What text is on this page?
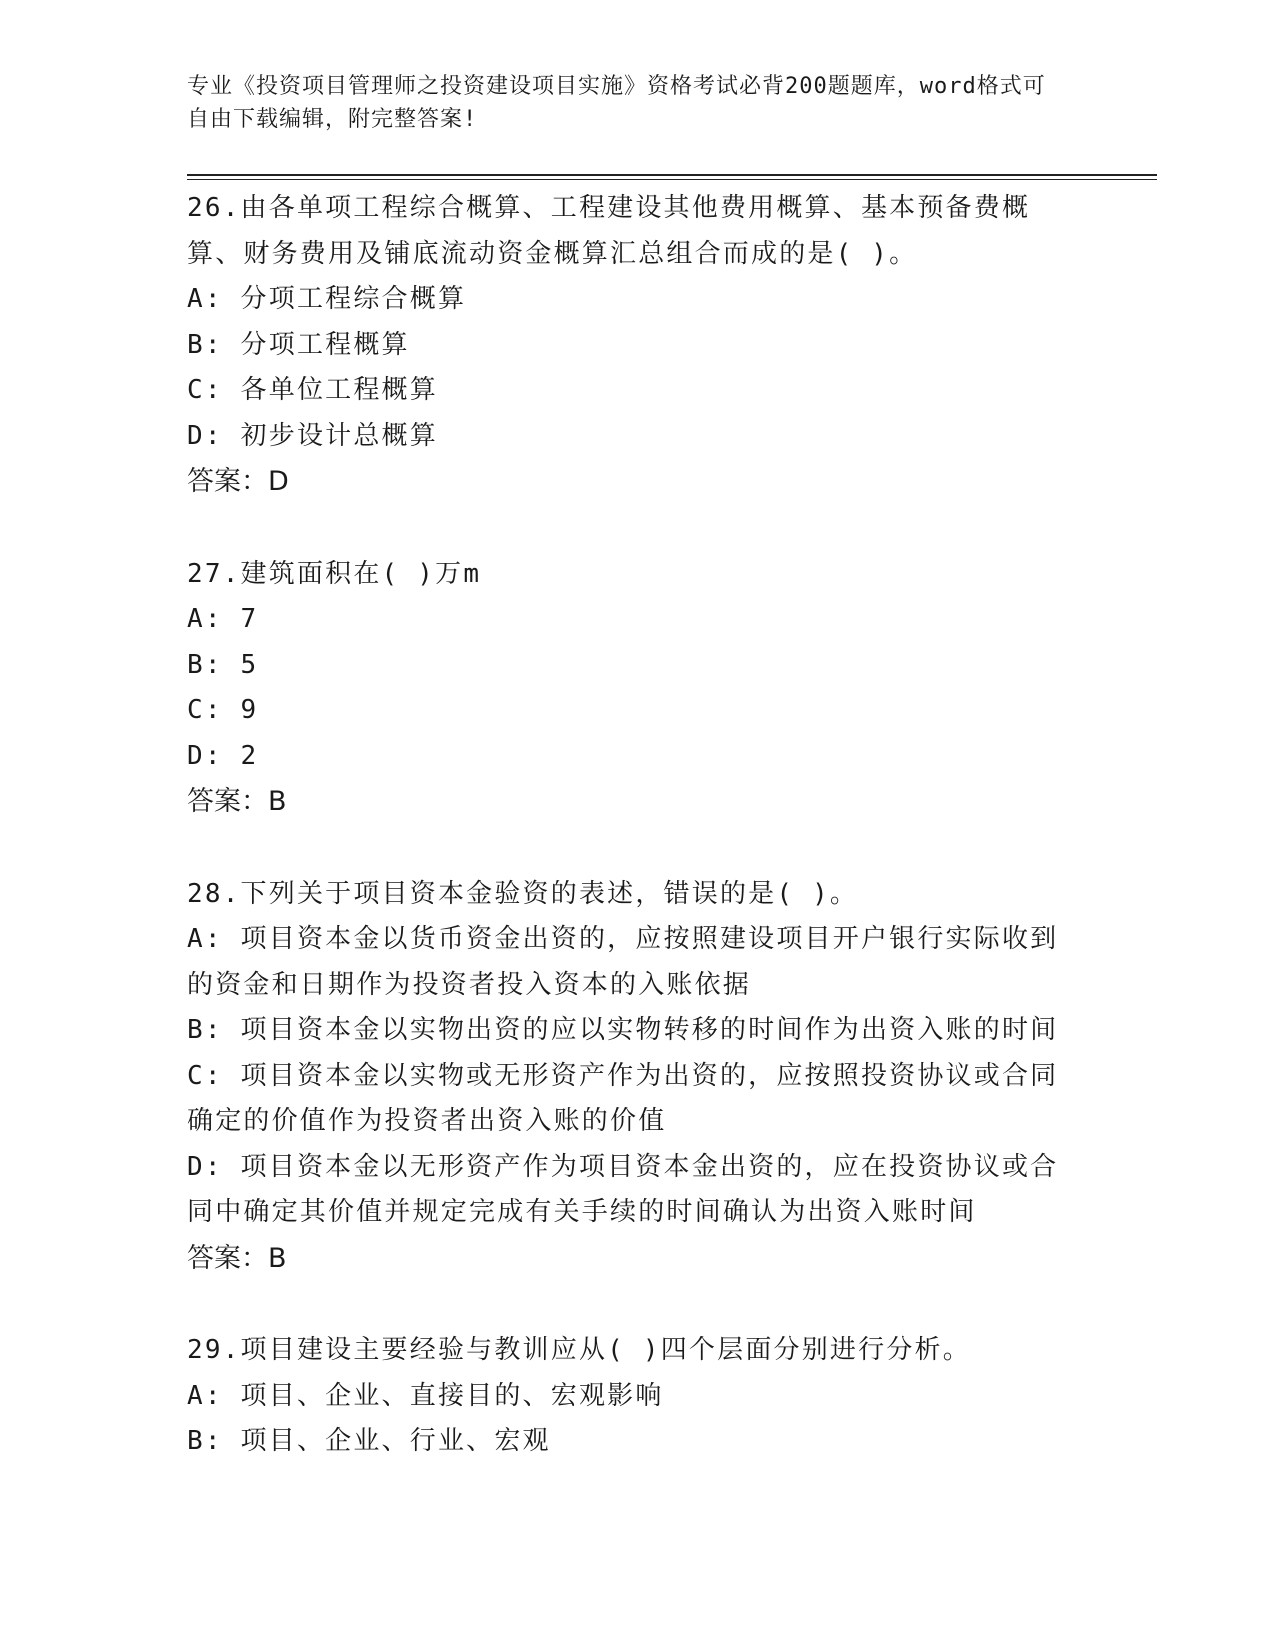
专业《投资项目管理师之投资建设项目实施》资格考试必背200题题库，word格式可自由下载编辑，附完整答案!

26.由各单项工程综合概算、工程建设其他费用概算、基本预备费概算、财务费用及铺底流动资金概算汇总组合而成的是( )。

A: 分项工程综合概算

B: 分项工程概算

C: 各单位工程概算

D: 初步设计总概算

答案：D

27.建筑面积在( )万m

A: 7

B: 5

C: 9

D: 2

答案：B

28.下列关于项目资本金验资的表述，错误的是( )。

A: 项目资本金以货币资金出资的，应按照建设项目开户银行实际收到的资金和日期作为投资者投入资本的入账依据

B: 项目资本金以实物出资的应以实物转移的时间作为出资入账的时间

C: 项目资本金以实物或无形资产作为出资的，应按照投资协议或合同确定的价值作为投资者出资入账的价值

D: 项目资本金以无形资产作为项目资本金出资的，应在投资协议或合同中确定其价值并规定完成有关手续的时间确认为出资入账时间

答案：B

29.项目建设主要经验与教训应从( )四个层面分别进行分析。

A: 项目、企业、直接目的、宏观影响

B: 项目、企业、行业、宏观
